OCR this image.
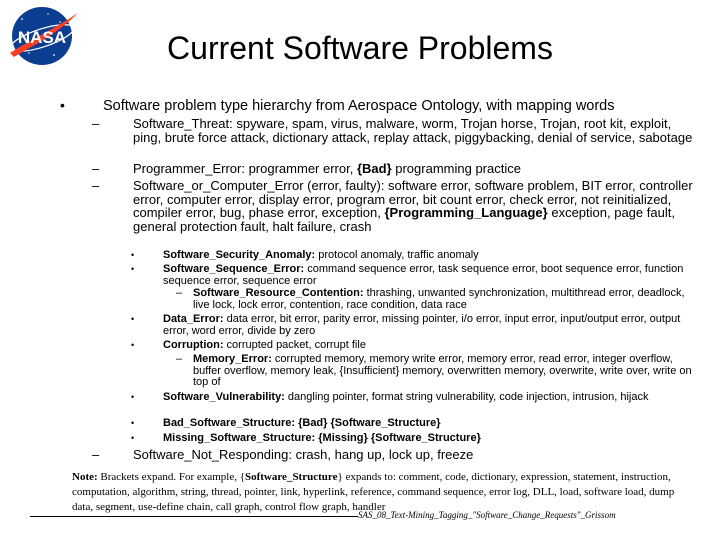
NASA	Current Software Problems
•	Software problem type hierarchy from Aerospace Ontology, with mapping words
–	Software_Threat: spyware, spam, virus, malware, worm, Trojan horse, Trojan, root kit, exploit, ping, brute force attack, dictionary attack, replay attack, piggybacking, denial of service, sabotage
–	Programmer_Error: programmer error, {Bad} programming practice
–	Software_or_Computer_Error (error, faulty): software error, software problem, BIT error, controller error, computer error, display error, program error, bit count error, check error, not reinitialized, compiler error, bug, phase error, exception, {Programming_Language} exception, page fault, general protection fault, halt failure, crash
•	Software_Security_Anomaly: protocol anomaly, traffic anomaly
•	Software_Sequence_Error: command sequence error, task sequence error, boot sequence error, function sequence error, sequence error
– Software_Resource_Contention: thrashing, unwanted synchronization, multithread error, deadlock, live lock, lock error, contention, race condition, data race
•	Data_Error: data error, bit error, parity error, missing pointer, i/o error, input error, input/output error, output error, word error, divide by zero
•	Corruption: corrupted packet, corrupt file
– Memory_Error: corrupted memory, memory write error, memory error, read error, integer overflow, buffer overflow, memory leak, {Insufficient} memory, overwritten memory, overwrite, write over, write on top of
•	Software_Vulnerability: dangling pointer, format string vulnerability, code injection, intrusion, hijack
•	Bad_Software_Structure: {Bad} {Software_Structure}
•	Missing_Software_Structure: {Missing} {Software_Structure}
–	Software_Not_Responding: crash, hang up, lock up, freeze
Note: Brackets expand. For example, {Software_Structure} expands to: comment, code, dictionary, expression, statement, instruction, computation, algorithm, string, thread, pointer, link, hyperlink, reference, command sequence, error log, DLL, load, software load, dump data, segment, use-define chain, call graph, control flow graph, handler
SAS_08_Text-Mining_Tagging_"Software_Change_Requests"_Grissom
